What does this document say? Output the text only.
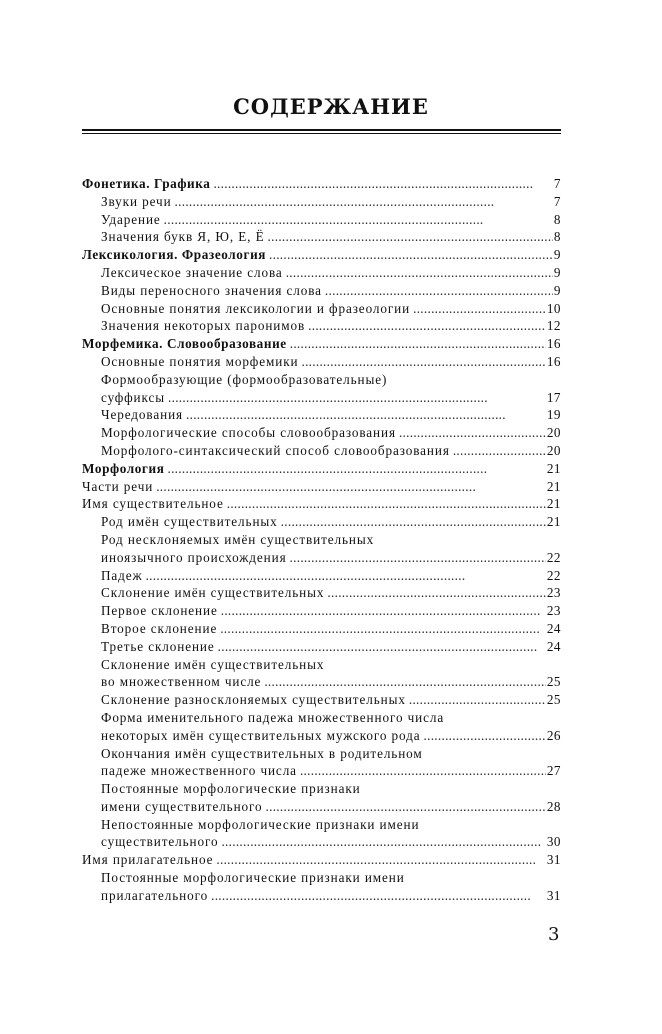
СОДЕРЖАНИЕ
Фонетика. Графика . . .	7
Звуки речи . . .	7
Ударение . . .	8
Значения букв Я, Ю, Е, Ё . . .	8
Лексикология. Фразеология . . .	9
Лексическое значение слова . . .	9
Виды переносного значения слова . . .	9
Основные понятия лексикологии и фразеологии . . .	10
Значения некоторых паронимов . . .	12
Морфемика. Словообразование . . .	16
Основные понятия морфемики . . .	16
Формообразующие (формообразовательные)
суффиксы . . .	17
Чередования . . .	19
Морфологические способы словообразования . . .	20
Морфолого-синтаксический способ словообразования . . .	20
Морфология . . .	21
Части речи . . .	21
Имя существительное . . .	21
Род имён существительных . . .	21
Род несклоняемых имён существительных
иноязычного происхождения . . .	22
Падеж . . .	22
Склонение имён существительных . . .	23
Первое склонение . . .	23
Второе склонение . . .	24
Третье склонение . . .	24
Склонение имён существительных
во множественном числе . . .	25
Склонение разносклоняемых существительных . . .	25
Форма именительного падежа множественного числа
некоторых имён существительных мужского рода . . .	26
Окончания имён существительных в родительном
падеже множественного числа . . .	27
Постоянные морфологические признаки
имени существительного . . .	28
Непостоянные морфологические признаки имени
существительного . . .	30
Имя прилагательное . . .	31
Постоянные морфологические признаки имени
прилагательного . . .	31
3
